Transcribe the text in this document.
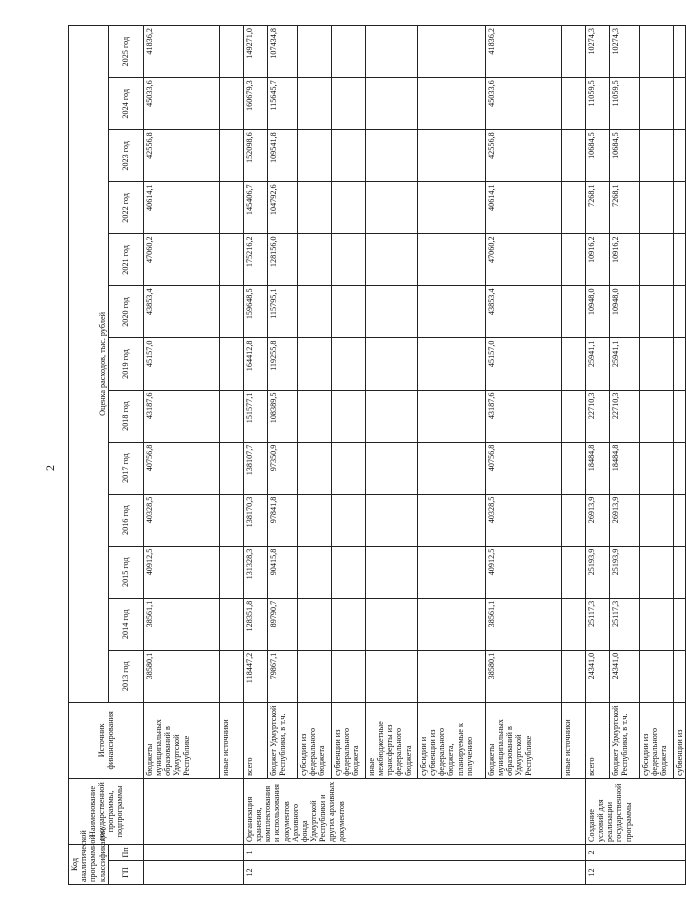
2
Код аналитической программной классификации		Наименование государственной программы, подпрограммы	Источник финансирования	Оценка расходов, тыс. рублей												
ГП	Пп			2013 год	2014 год	2015 год	2016 год	2017 год	2018 год	2019 год	2020 год	2021 год	2022 год	2023 год	2024 год	2025 год

			бюджеты муниципальных образований в Удмуртской Республике	38580,1	38561,1	40912,5	40328,5	40756,8	43187,6	45157,0	43853,4	47060,2	40614,1	42556,8	45033,6	41836,2
			иные источники													
12	1	Организация хранения, комплектования и использования документов Архивного фонда Удмуртской Республики и других архивных документов	всего	118447,2	128351,8	131328,3	138170,3	138107,7	151577,1	164412,8	159648,5	175216,2	145406,7	152098,6	160679,3	149271,0
			бюджет Удмуртской Республики, в т.ч.	79867,1	89790,7	90415,8	97841,8	97350,9	108389,5	119255,8	115795,1	128156,0	104792,6	109541,8	115645,7	107434,8
			субсидии из федерального бюджета													
			субвенции из федерального бюджета													
			иные межбюджетные трансферты из федерального бюджета													
			субсидии и субвенции из федерального бюджета, планируемые к получению													
			бюджеты муниципальных образований в Удмуртской Республике	38580,1	38561,1	40912,5	40328,5	40756,8	43187,6	45157,0	43853,4	47060,2	40614,1	42556,8	45033,6	41836,2
			иные источники													
12	2	Создание условий для реализации государственной программы	всего	24341,0	25117,3	25193,9	26913,9	18484,8	22710,3	25941,1	10948,0	10916,2	7268,1	10684,5	11059,5	10274,3
			бюджет Удмуртской Республики, в т.ч.	24341,0	25117,3	25193,9	26913,9	18484,8	22710,3	25941,1	10948,0	10916,2	7268,1	10684,5	11059,5	10274,3
			субсидии из федерального бюджета													
			субвенции из													
